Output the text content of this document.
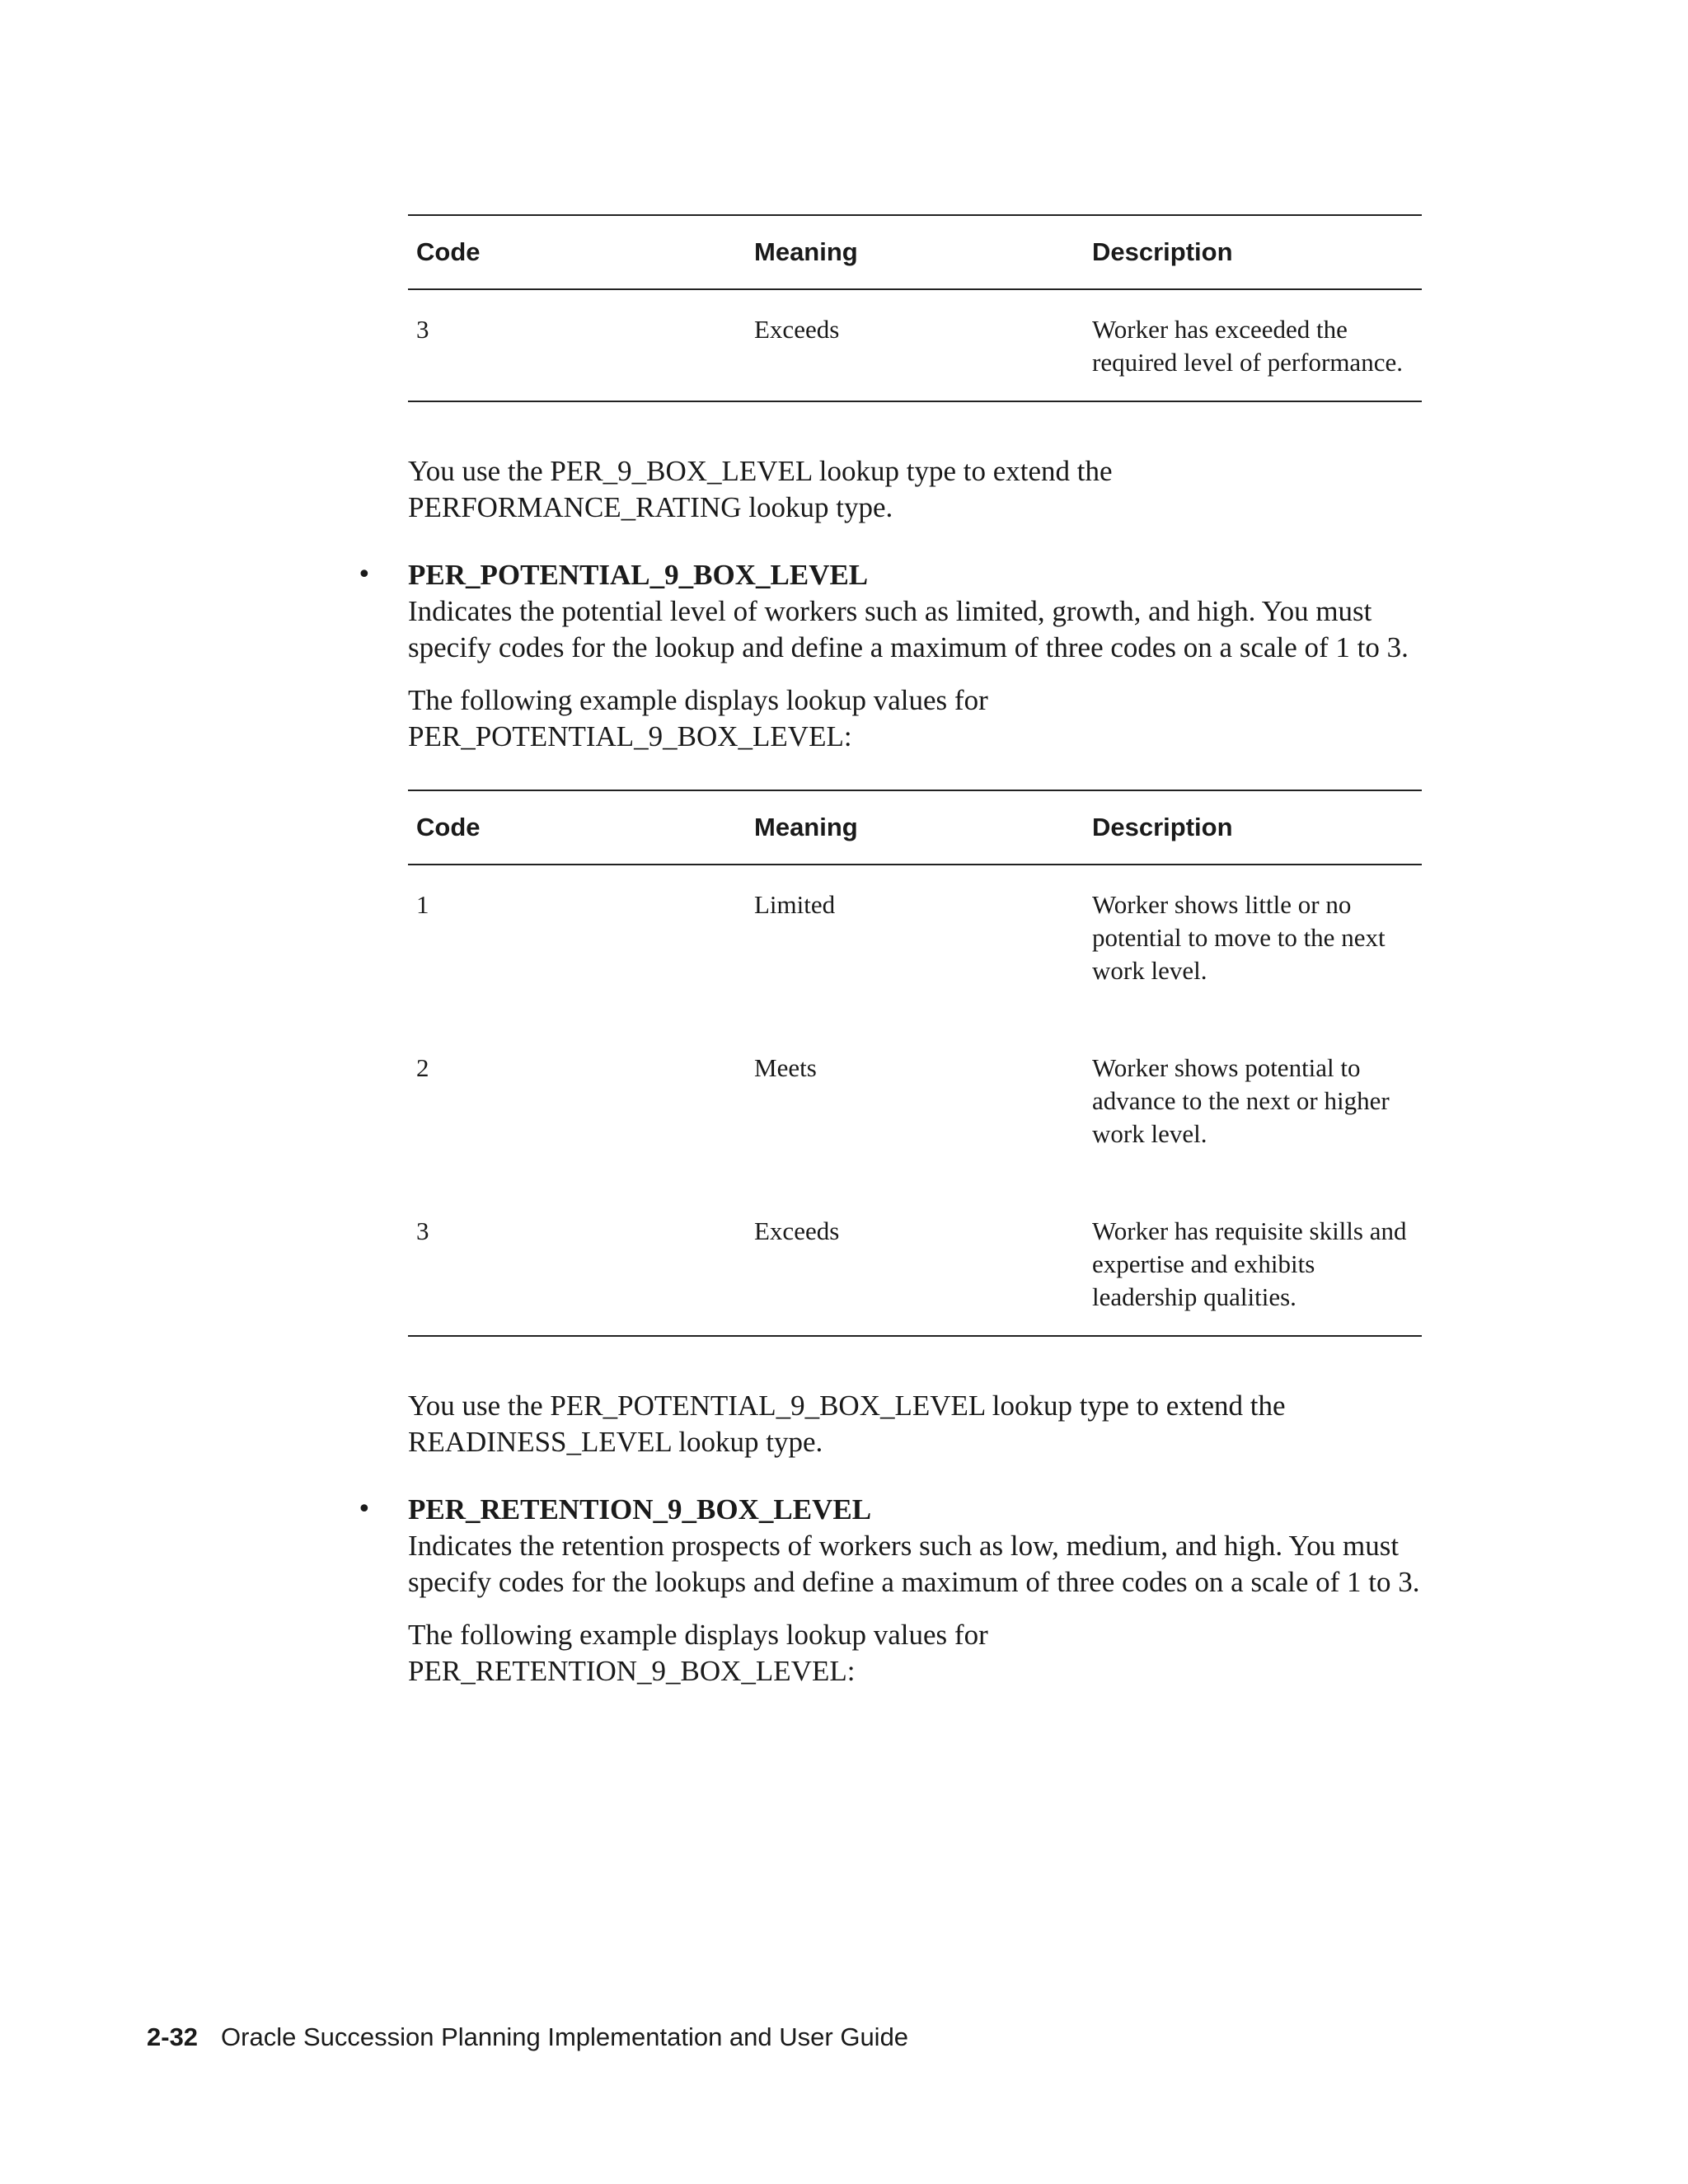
Code	Meaning	Description
3	Exceeds	Worker has exceeded the required level of performance.

You use the PER_9_BOX_LEVEL lookup type to extend the PERFORMANCE_RATING lookup type.

• PER_POTENTIAL_9_BOX_LEVEL

Indicates the potential level of workers such as limited, growth, and high. You must specify codes for the lookup and define a maximum of three codes on a scale of 1 to 3.

The following example displays lookup values for PER_POTENTIAL_9_BOX_LEVEL:

Code	Meaning	Description
1	Limited	Worker shows little or no potential to move to the next work level.
2	Meets	Worker shows potential to advance to the next or higher work level.
3	Exceeds	Worker has requisite skills and expertise and exhibits leadership qualities.

You use the PER_POTENTIAL_9_BOX_LEVEL lookup type to extend the READINESS_LEVEL lookup type.

• PER_RETENTION_9_BOX_LEVEL

Indicates the retention prospects of workers such as low, medium, and high. You must specify codes for the lookups and define a maximum of three codes on a scale of 1 to 3.

The following example displays lookup values for PER_RETENTION_9_BOX_LEVEL:

2-32 Oracle Succession Planning Implementation and User Guide
